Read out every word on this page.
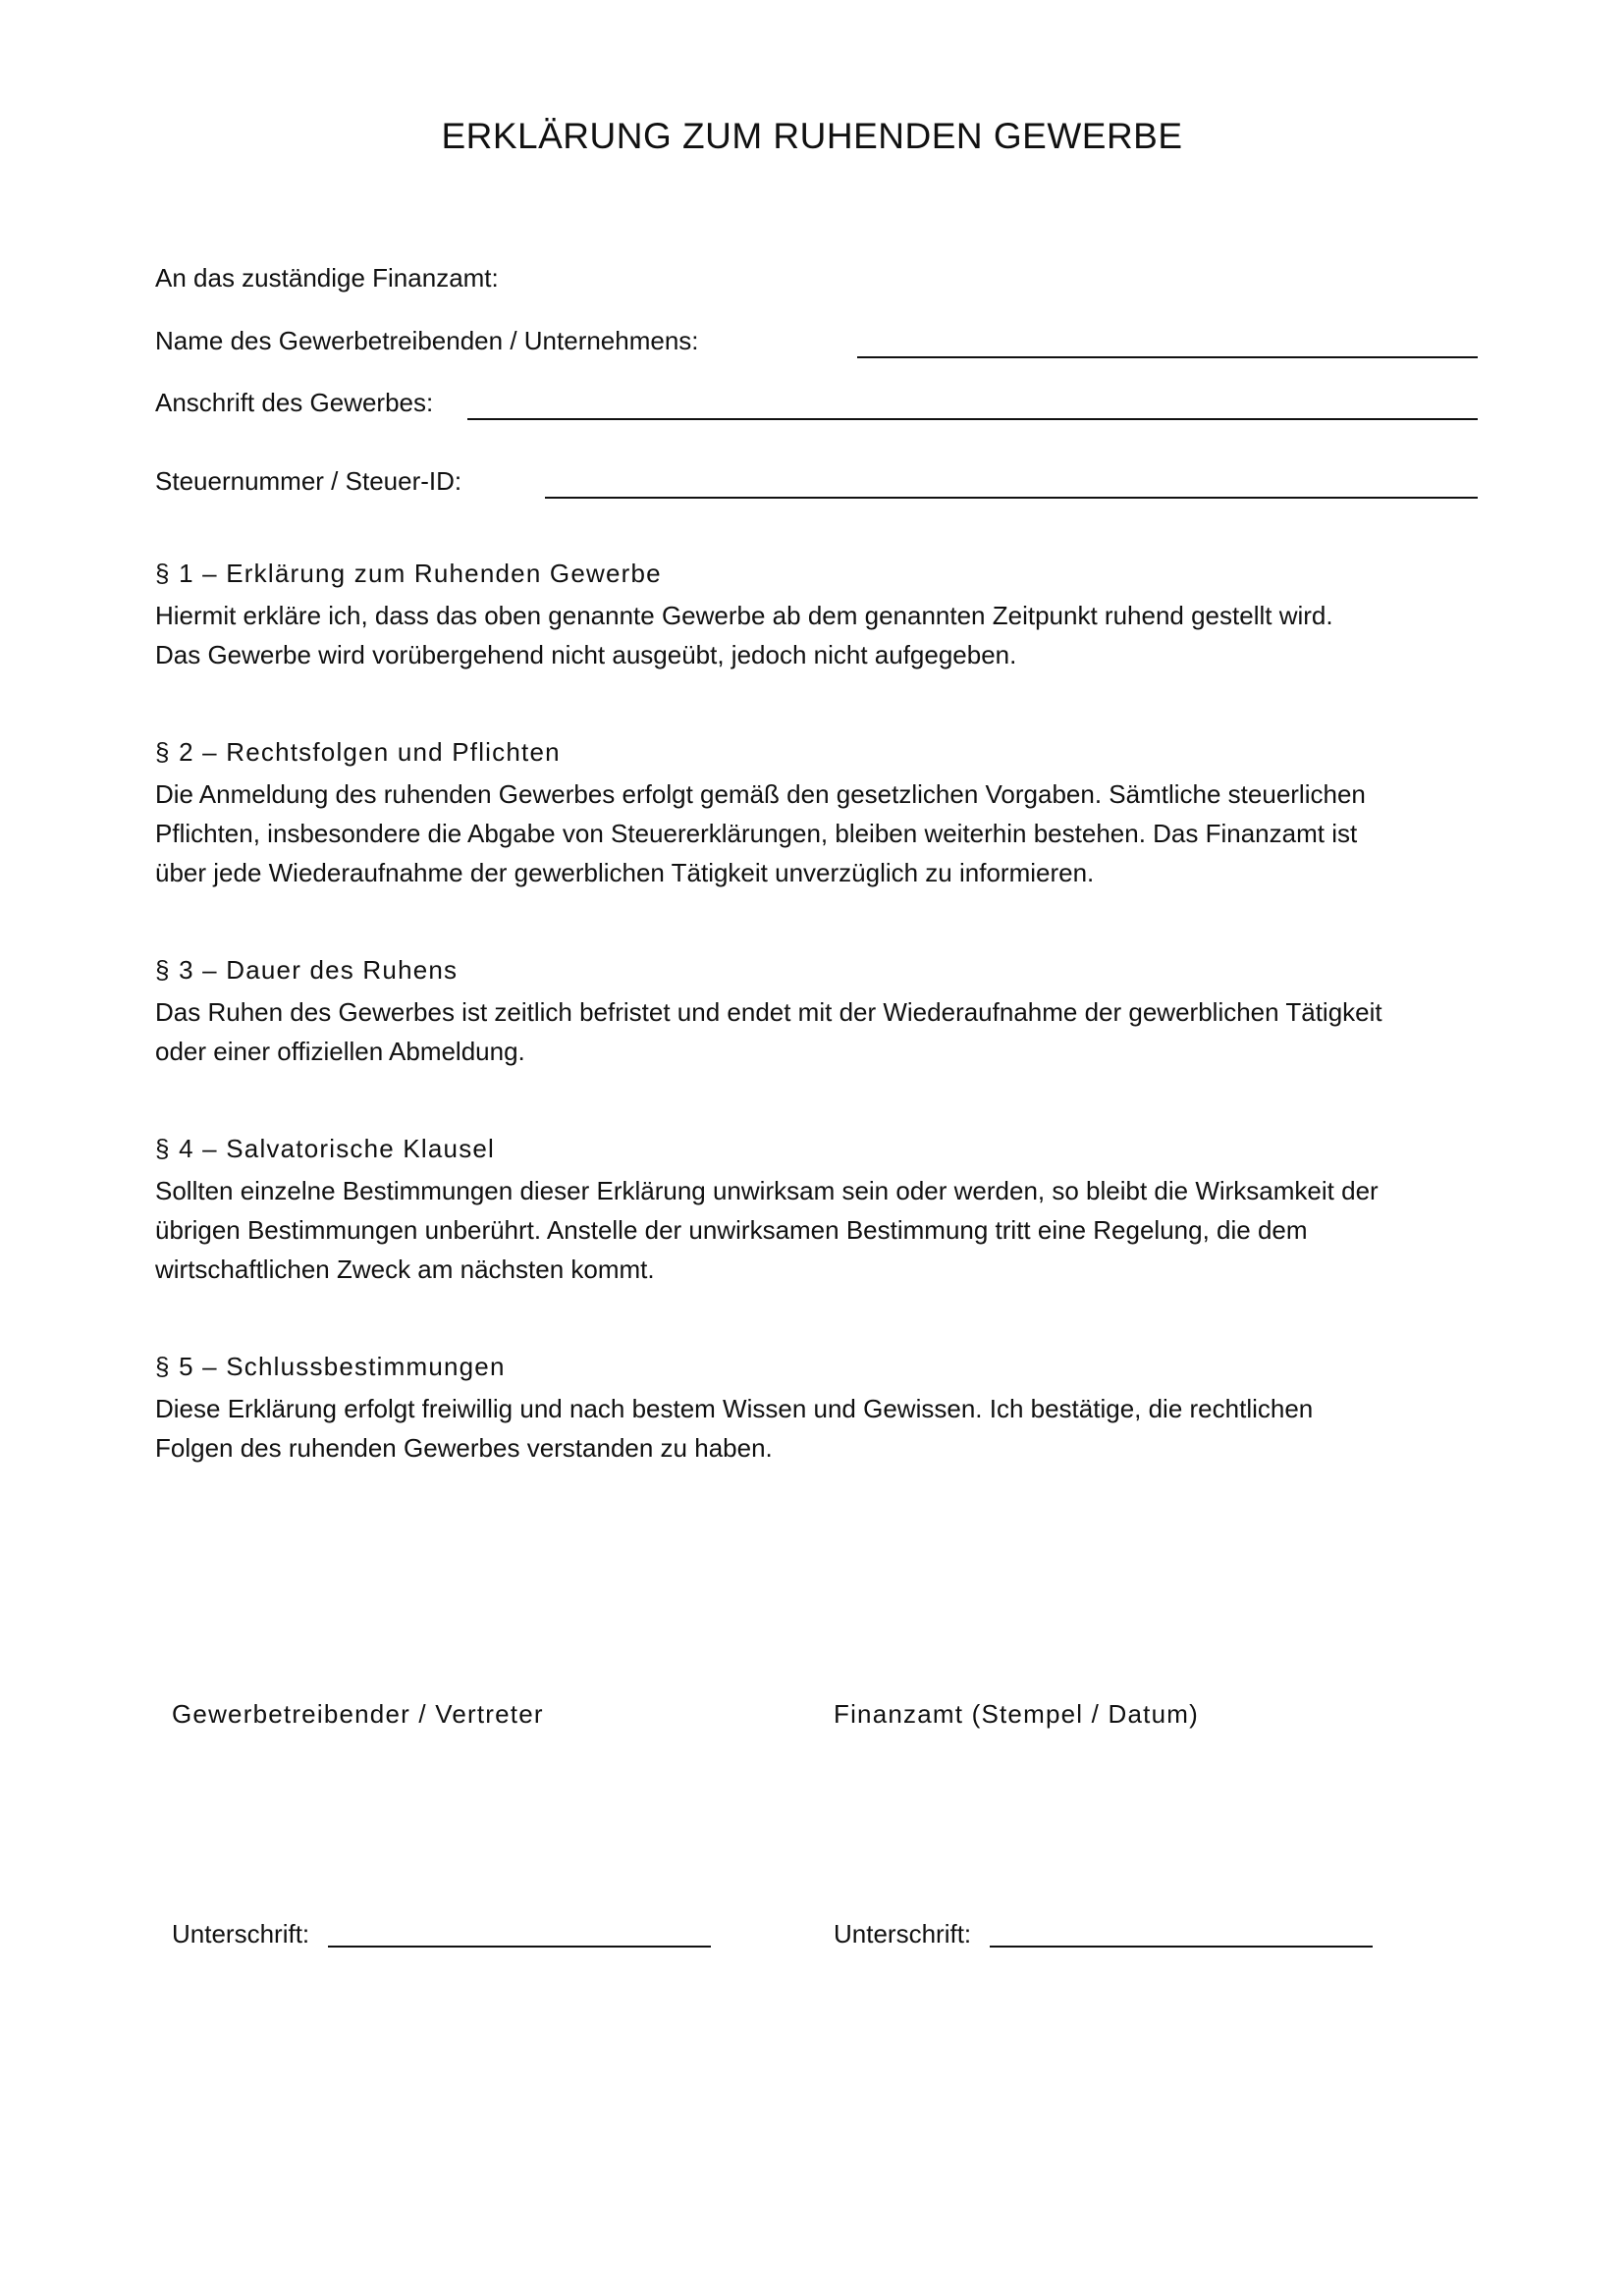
ERKLÄRUNG ZUM RUHENDEN GEWERBE
An das zuständige Finanzamt:
Name des Gewerbetreibenden / Unternehmens:
Anschrift des Gewerbes:
Steuernummer / Steuer-ID:
§ 1 – Erklärung zum Ruhenden Gewerbe

Hiermit erkläre ich, dass das oben genannte Gewerbe ab dem genannten Zeitpunkt ruhend gestellt wird.
Das Gewerbe wird vorübergehend nicht ausgeübt, jedoch nicht aufgegeben.

§ 2 – Rechtsfolgen und Pflichten

Die Anmeldung des ruhenden Gewerbes erfolgt gemäß den gesetzlichen Vorgaben. Sämtliche steuerlichen
Pflichten, insbesondere die Abgabe von Steuererklärungen, bleiben weiterhin bestehen. Das Finanzamt ist
über jede Wiederaufnahme der gewerblichen Tätigkeit unverzüglich zu informieren.

§ 3 – Dauer des Ruhens

Das Ruhen des Gewerbes ist zeitlich befristet und endet mit der Wiederaufnahme der gewerblichen Tätigkeit
oder einer offiziellen Abmeldung.

§ 4 – Salvatorische Klausel

Sollten einzelne Bestimmungen dieser Erklärung unwirksam sein oder werden, so bleibt die Wirksamkeit der
übrigen Bestimmungen unberührt. Anstelle der unwirksamen Bestimmung tritt eine Regelung, die dem
wirtschaftlichen Zweck am nächsten kommt.

§ 5 – Schlussbestimmungen

Diese Erklärung erfolgt freiwillig und nach bestem Wissen und Gewissen. Ich bestätige, die rechtlichen
Folgen des ruhenden Gewerbes verstanden zu haben.

Gewerbetreibender / Vertreter	Finanzamt (Stempel / Datum)
Unterschrift:	Unterschrift:
